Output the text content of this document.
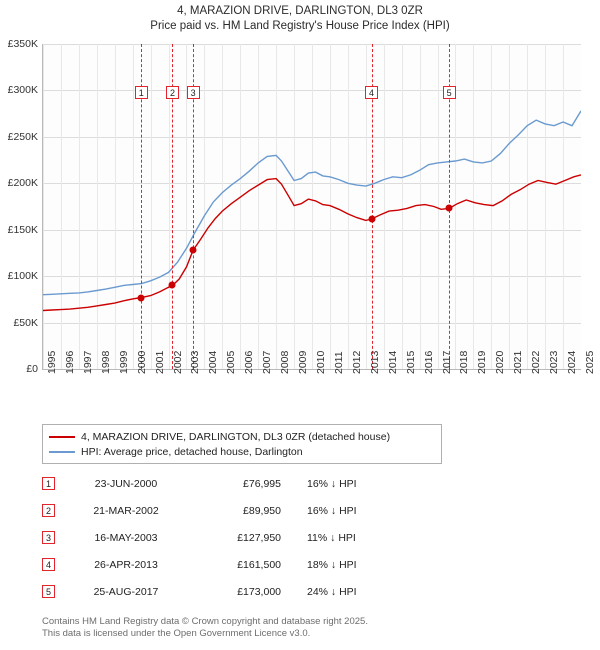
4, MARAZION DRIVE, DARLINGTON, DL3 0ZR
Price paid vs. HM Land Registry's House Price Index (HPI)
1	2	3	4	5
£0
£50K
£100K
£150K
£200K
£250K
£300K
£350K
1995 1996 1997 1998 1999 2000 2001 2002 2003 2004 2005 2006 2007 2008 2009 2010 2011 2012 2013 2014 2015 2016 2017 2018 2019 2020 2021 2022 2023 2024 2025
4, MARAZION DRIVE, DARLINGTON, DL3 0ZR (detached house)
HPI: Average price, detached house, Darlington
1	23-JUN-2000	£76,995	16% ↓ HPI
2	21-MAR-2002	£89,950	16% ↓ HPI
3	16-MAY-2003	£127,950	11% ↓ HPI
4	26-APR-2013	£161,500	18% ↓ HPI
5	25-AUG-2017	£173,000	24% ↓ HPI
Contains HM Land Registry data © Crown copyright and database right 2025.
This data is licensed under the Open Government Licence v3.0.
